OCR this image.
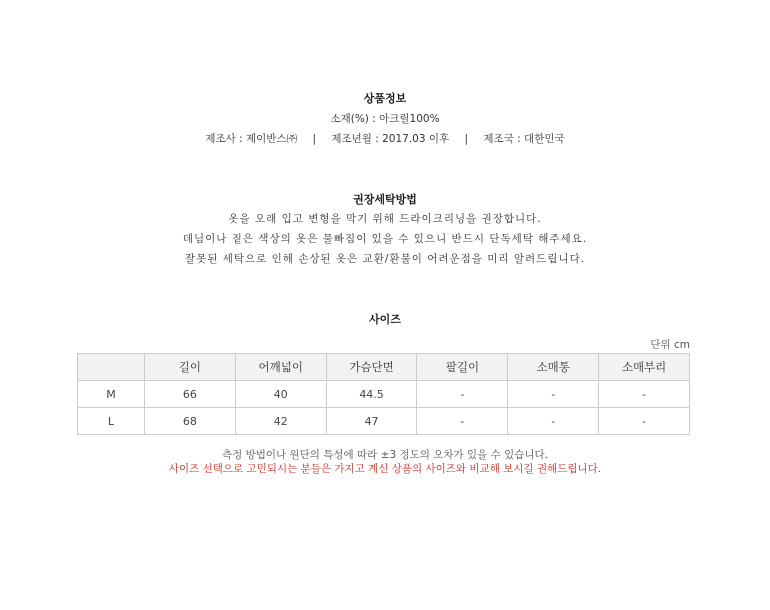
상품정보
소재(%) : 아크릴100%
제조사 : 제이반스㈜ | 제조년월 : 2017.03 이후 | 제조국 : 대한민국
권장세탁방법
옷을 오래 입고 변형을 막기 위해 드라이크리닝을 권장합니다.
데님이나 짙은 색상의 옷은 물빠짐이 있을 수 있으니 반드시 단독세탁 해주세요.
잘못된 세탁으로 인해 손상된 옷은 교환/환불이 어려운점을 미리 알려드립니다.
사이즈
단위 cm
	길이	어깨넓이	가슴단면	팔길이	소매통	소매부리
M	66	40	44.5	-	-	-
L	68	42	47	-	-	-
측정 방법이나 원단의 특성에 따라 ±3 정도의 오차가 있을 수 있습니다.
사이즈 선택으로 고민되시는 분들은 가지고 계신 상품의 사이즈와 비교해 보시길 권해드립니다.
